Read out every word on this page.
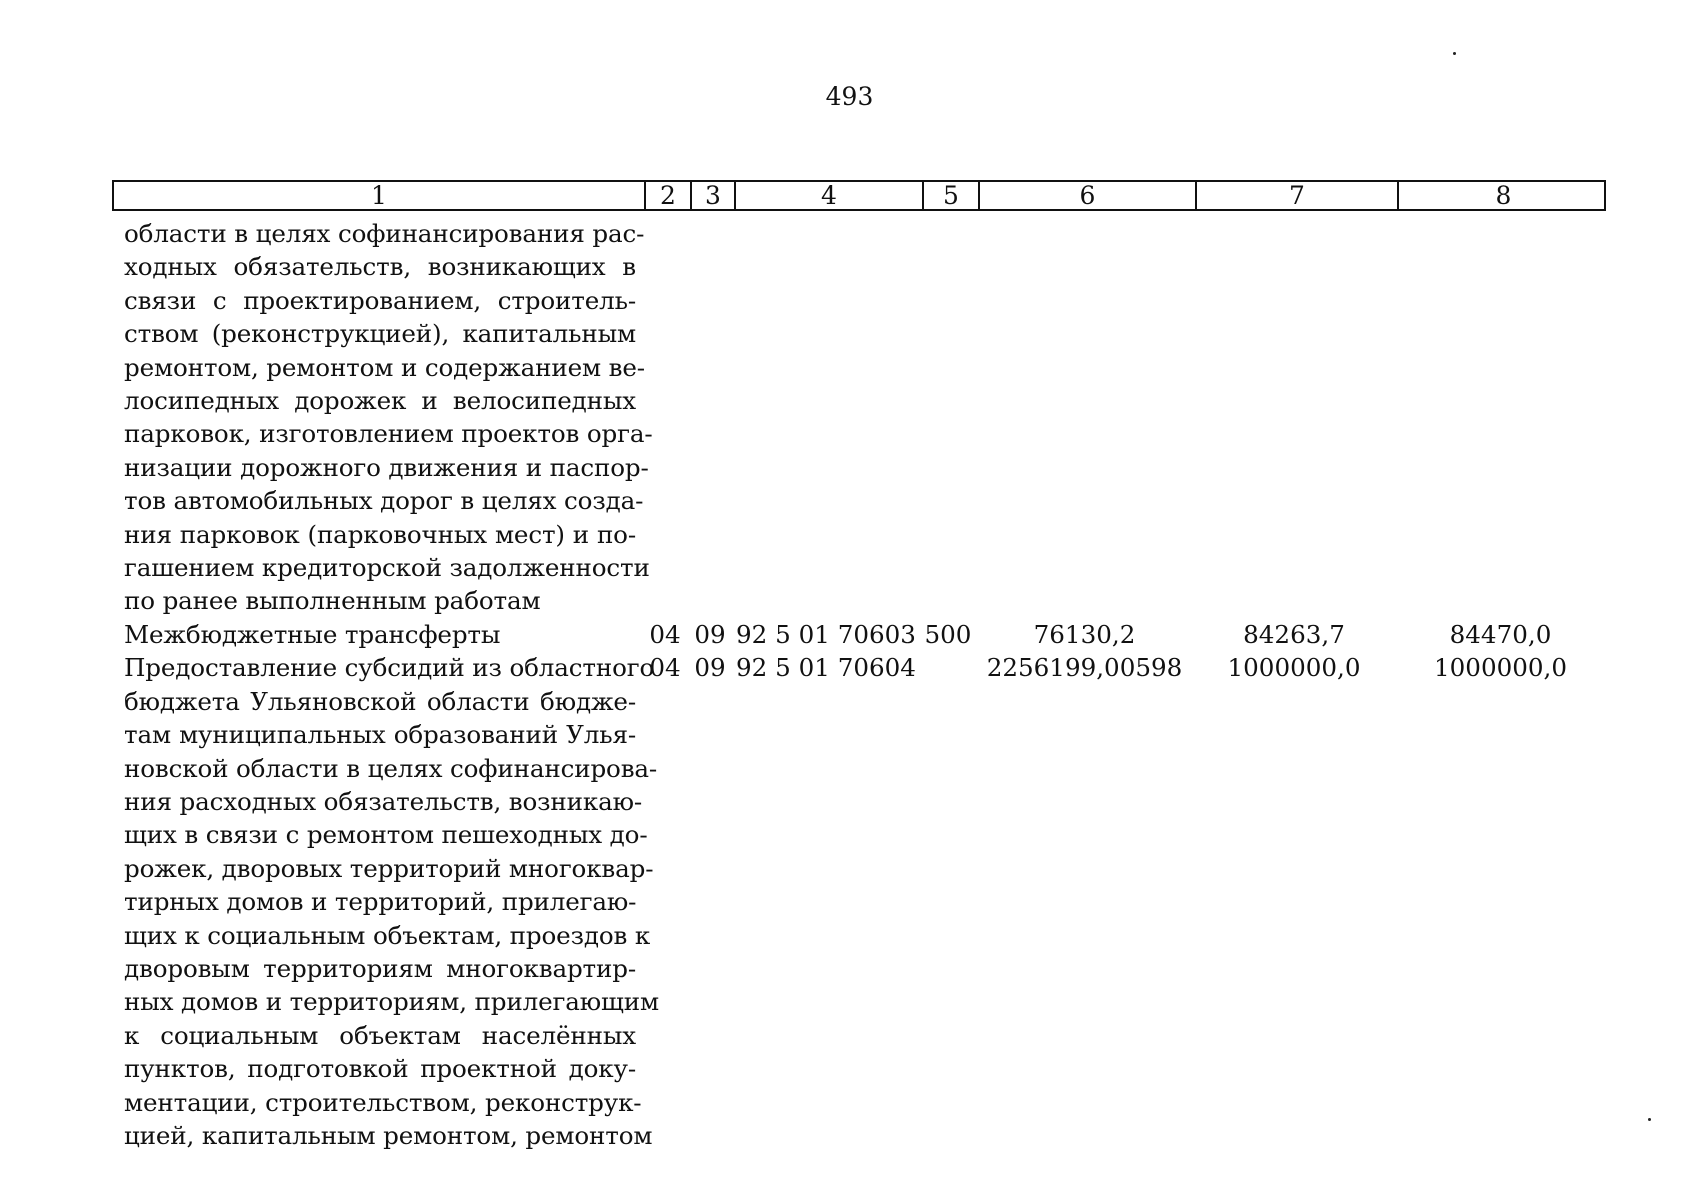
493
1	2	3	4	5	6	7	8
области в целях софинансирования рас-
ходных обязательств, возникающих в
связи с проектированием, строитель-
ством (реконструкцией), капитальным
ремонтом, ремонтом и содержанием ве-
лосипедных дорожек и велосипедных
парковок, изготовлением проектов орга-
низации дорожного движения и паспор-
тов автомобильных дорог в целях созда-
ния парковок (парковочных мест) и по-
гашением кредиторской задолженности
по ранее выполненным работам
Межбюджетные трансферты	04 09 92 5 01 70603 500	76130,2	84263,7	84470,0
Предоставление субсидий из областного
бюджета Ульяновской области бюдже-
там муниципальных образований Улья-
новской области в целях софинансирова-
ния расходных обязательств, возникаю-
щих в связи с ремонтом пешеходных до-
рожек, дворовых территорий многоквар-
тирных домов и территорий, прилегаю-
щих к социальным объектам, проездов к
дворовым территориям многоквартир-
ных домов и территориям, прилегающим
к социальным объектам населённых
пунктов, подготовкой проектной доку-
ментации, строительством, реконструк-
цией, капитальным ремонтом, ремонтом
04 09 92 5 01 70604	2256199,00598	1000000,0	1000000,0
